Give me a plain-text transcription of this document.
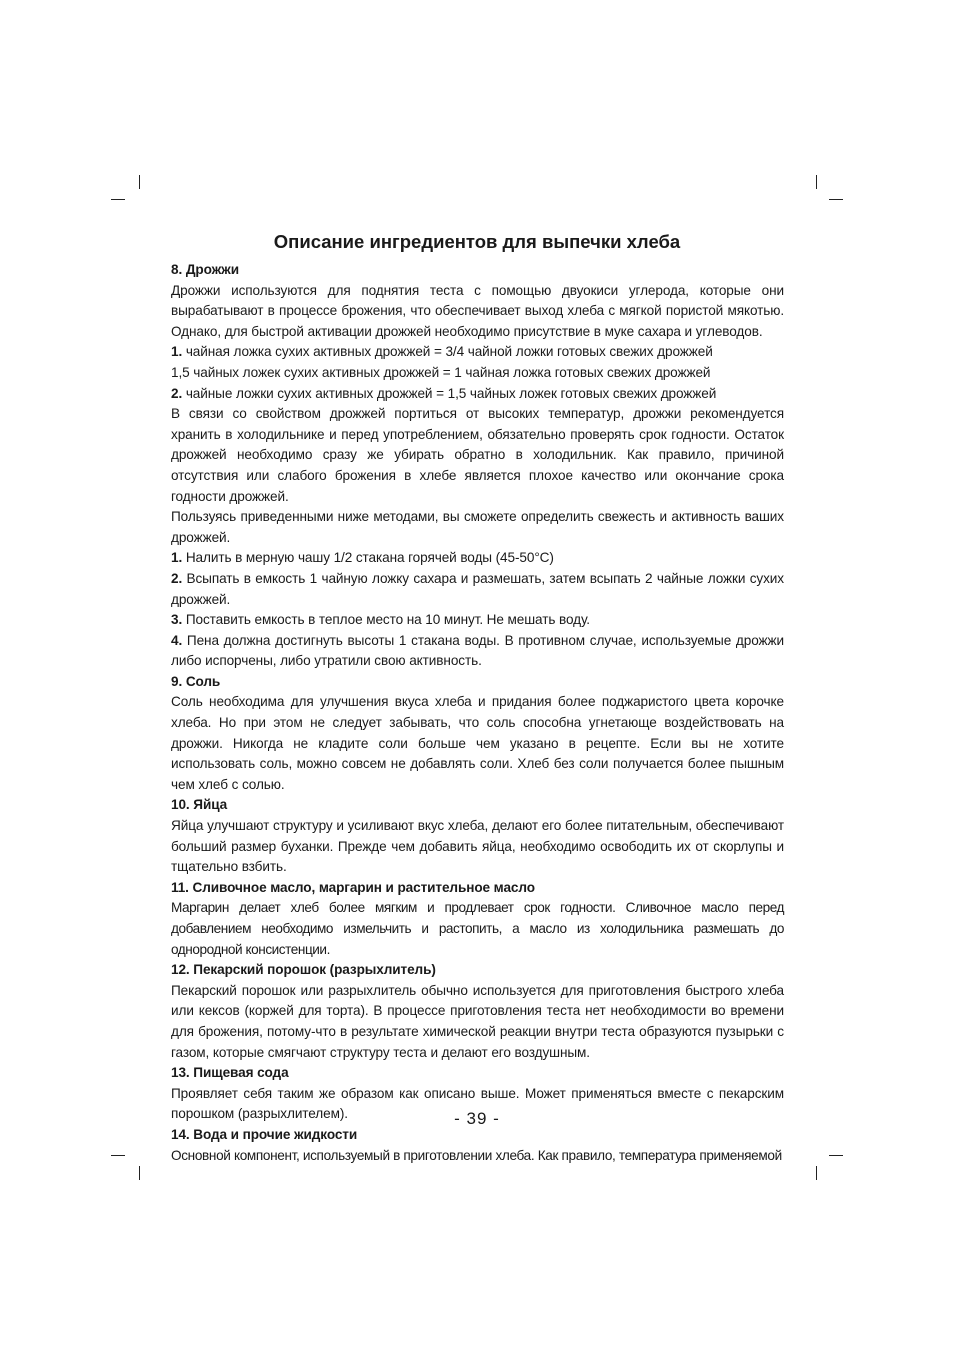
Описание ингредиентов для выпечки хлеба

8. Дрожжи

Дрожжи используются для поднятия теста с помощью двуокиси углерода, которые они вырабатывают в процессе брожения, что обеспечивает выход хлеба с мягкой пористой мякотью. Однако, для быстрой активации дрожжей необходимо присутствие в муке сахара и углеводов.

1. чайная ложка сухих активных дрожжей = 3/4 чайной ложки готовых свежих дрожжей

1,5 чайных ложек сухих активных дрожжей = 1 чайная ложка готовых свежих дрожжей

2. чайные ложки сухих активных дрожжей = 1,5 чайных ложек готовых свежих дрожжей

В связи со свойством дрожжей портиться от высоких температур, дрожжи рекомендуется хранить в холодильнике и перед употреблением, обязательно проверять срок годности. Остаток дрожжей необходимо сразу же убирать обратно в холодильник. Как правило, причиной отсутствия или слабого брожения в хлебе является плохое качество или окончание срока годности дрожжей.

Пользуясь приведенными ниже методами, вы сможете определить свежесть и активность ваших дрожжей.

1. Налить в мерную чашу 1/2 стакана горячей воды (45-50°С)

2. Всыпать в емкость 1 чайную ложку сахара и размешать, затем всыпать 2 чайные ложки сухих дрожжей.

3. Поставить емкость в теплое место на 10 минут. Не мешать воду.

4. Пена должна достигнуть высоты 1 стакана воды. В противном случае, используемые дрожжи либо испорчены, либо утратили свою активность.

9. Соль

Соль необходима для улучшения вкуса хлеба и придания более поджаристого цвета корочке хлеба. Но при этом не следует забывать, что соль способна угнетающе воздействовать на дрожжи. Никогда не кладите соли больше чем указано в рецепте. Если вы не хотите использовать соль, можно совсем не добавлять соли. Хлеб без соли получается более пышным чем хлеб с солью.

10. Яйца

Яйца улучшают структуру и усиливают вкус хлеба, делают его более питательным, обеспечивают больший размер буханки. Прежде чем добавить яйца, необходимо освободить их от скорлупы и тщательно взбить.

11. Сливочное масло, маргарин и растительное масло

Маргарин делает хлеб более мягким и продлевает срок годности. Сливочное масло перед добавлением необходимо измельчить и растопить, а масло из холодильника размешать до однородной консистенции.

12. Пекарский порошок (разрыхлитель)

Пекарский порошок или разрыхлитель обычно используется для приготовления быстрого хлеба или кексов (коржей для торта). В процессе приготовления теста нет необходимости во времени для брожения, потому-что в результате химической реакции внутри теста образуются пузырьки с газом, которые смягчают структуру теста и делают его воздушным.

13. Пищевая сода

Проявляет себя таким же образом как описано выше. Может применяться вместе с пекарским порошком (разрыхлителем).

14. Вода и прочие жидкости

Основной компонент, используемый в приготовлении хлеба. Как правило, температура применяемой

- 39 -
